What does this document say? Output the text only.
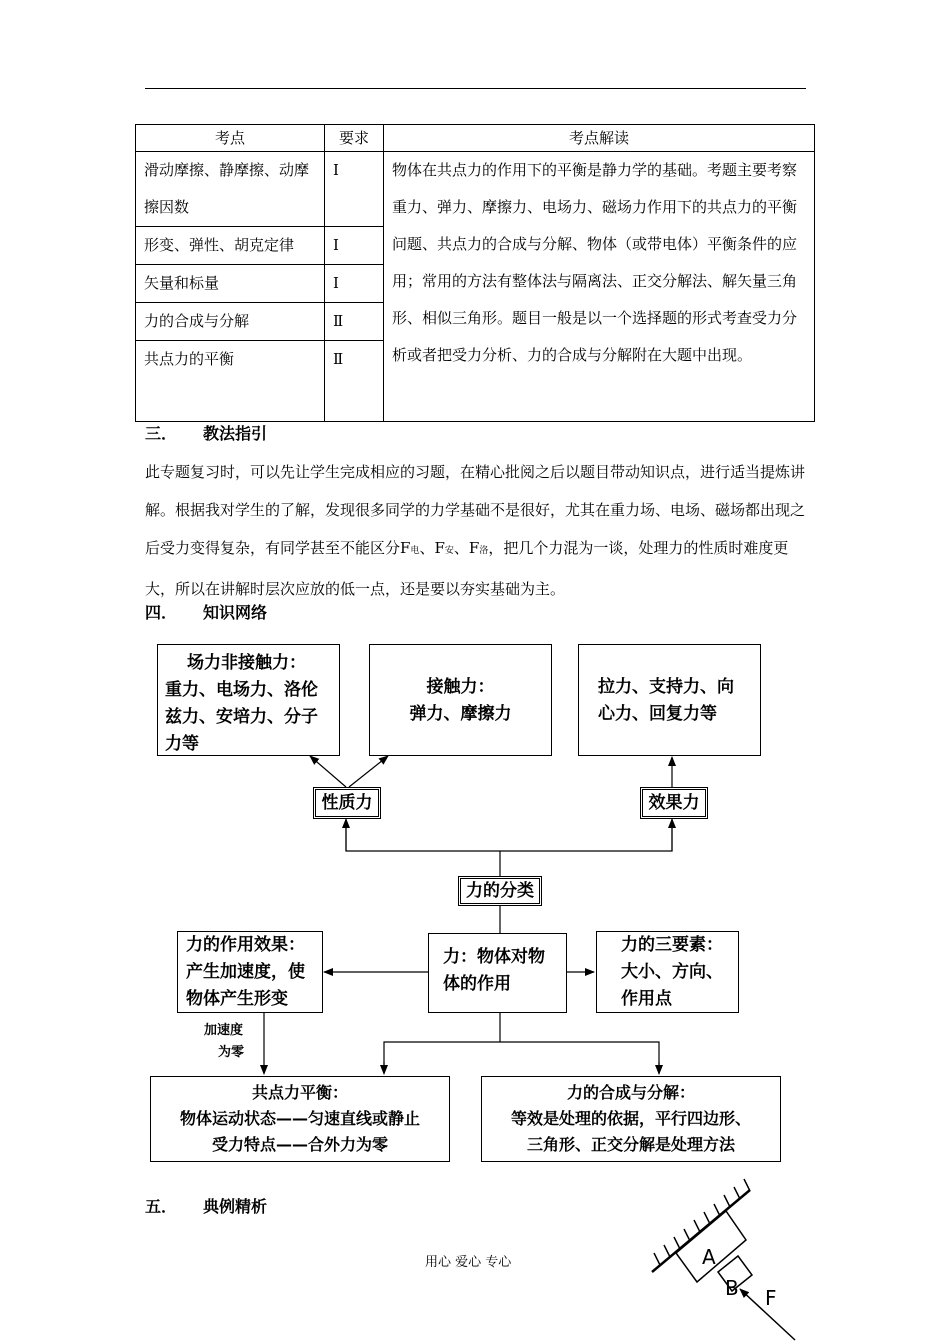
考点	要求	考点解读
滑动摩擦、静摩擦、动摩擦因数	Ⅰ	物体在共点力的作用下的平衡是静力学的基础。考题主要考察重力、弹力、摩擦力、电场力、磁场力作用下的共点力的平衡问题、共点力的合成与分解、物体（或带电体）平衡条件的应用；常用的方法有整体法与隔离法、正交分解法、解矢量三角形、相似三角形。题目一般是以一个选择题的形式考查受力分析或者把受力分析、力的合成与分解附在大题中出现。
形变、弹性、胡克定律	Ⅰ	
矢量和标量	Ⅰ	
力的合成与分解	Ⅱ	
共点力的平衡	Ⅱ	
三． 教法指引
此专题复习时，可以先让学生完成相应的习题，在精心批阅之后以题目带动知识点，进行适当提炼讲解。根据我对学生的了解，发现很多同学的力学基础不是很好，尤其在重力场、电场、磁场都出现之后受力变得复杂，有同学甚至不能区分F电、F安、F洛，把几个力混为一谈，处理力的性质时难度更大，所以在讲解时层次应放的低一点，还是要以夯实基础为主。
四． 知识网络
A
B F
场力非接触力：
重力、电场力、洛伦
兹力、安培力、分子
力等
接触力：
弹力、摩擦力
拉力、支持力、向
心力、回复力等
性质力	效果力
力的分类
力：物体对物
体的作用
力的作用效果：
产生加速度，使
物体产生形变
力的三要素：
大小、方向、
作用点
加速度
为零
共点力平衡：
物体运动状态——匀速直线或静止
受力特点——合外力为零
力的合成与分解：
等效是处理的依据，平行四边形、
三角形、正交分解是处理方法
五． 典例精析
用心 爱心 专心
